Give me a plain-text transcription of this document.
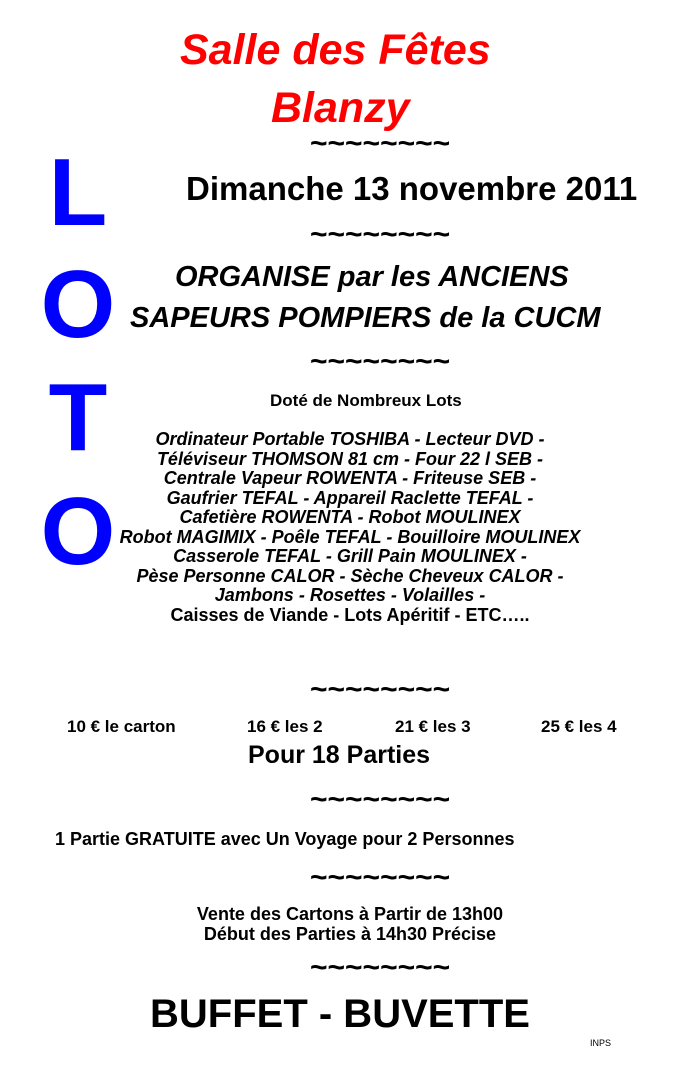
Salle des Fêtes
Blanzy
~~~~~~~~
Dimanche 13 novembre 2011
~~~~~~~~
L
O
T
O
ORGANISE par les ANCIENS
SAPEURS POMPIERS de la CUCM
~~~~~~~~
Doté de Nombreux Lots
Ordinateur Portable TOSHIBA - Lecteur DVD -
Téléviseur THOMSON 81 cm - Four 22 l SEB -
Centrale Vapeur ROWENTA - Friteuse SEB -
Gaufrier TEFAL - Appareil Raclette TEFAL -
Cafetière ROWENTA - Robot MOULINEX
Robot MAGIMIX - Poêle TEFAL - Bouilloire MOULINEX
Casserole TEFAL - Grill Pain MOULINEX -
Pèse Personne CALOR - Sèche Cheveux CALOR -
Jambons - Rosettes - Volailles -
Caisses de Viande - Lots Apéritif - ETC…..
~~~~~~~~
10 € le carton	16 € les 2	21 € les 3	25 € les 4
Pour 18 Parties
~~~~~~~~
1 Partie GRATUITE avec Un Voyage pour 2 Personnes
~~~~~~~~
Vente des Cartons à Partir de 13h00
Début des Parties à 14h30 Précise
~~~~~~~~
BUFFET - BUVETTE
INPS
